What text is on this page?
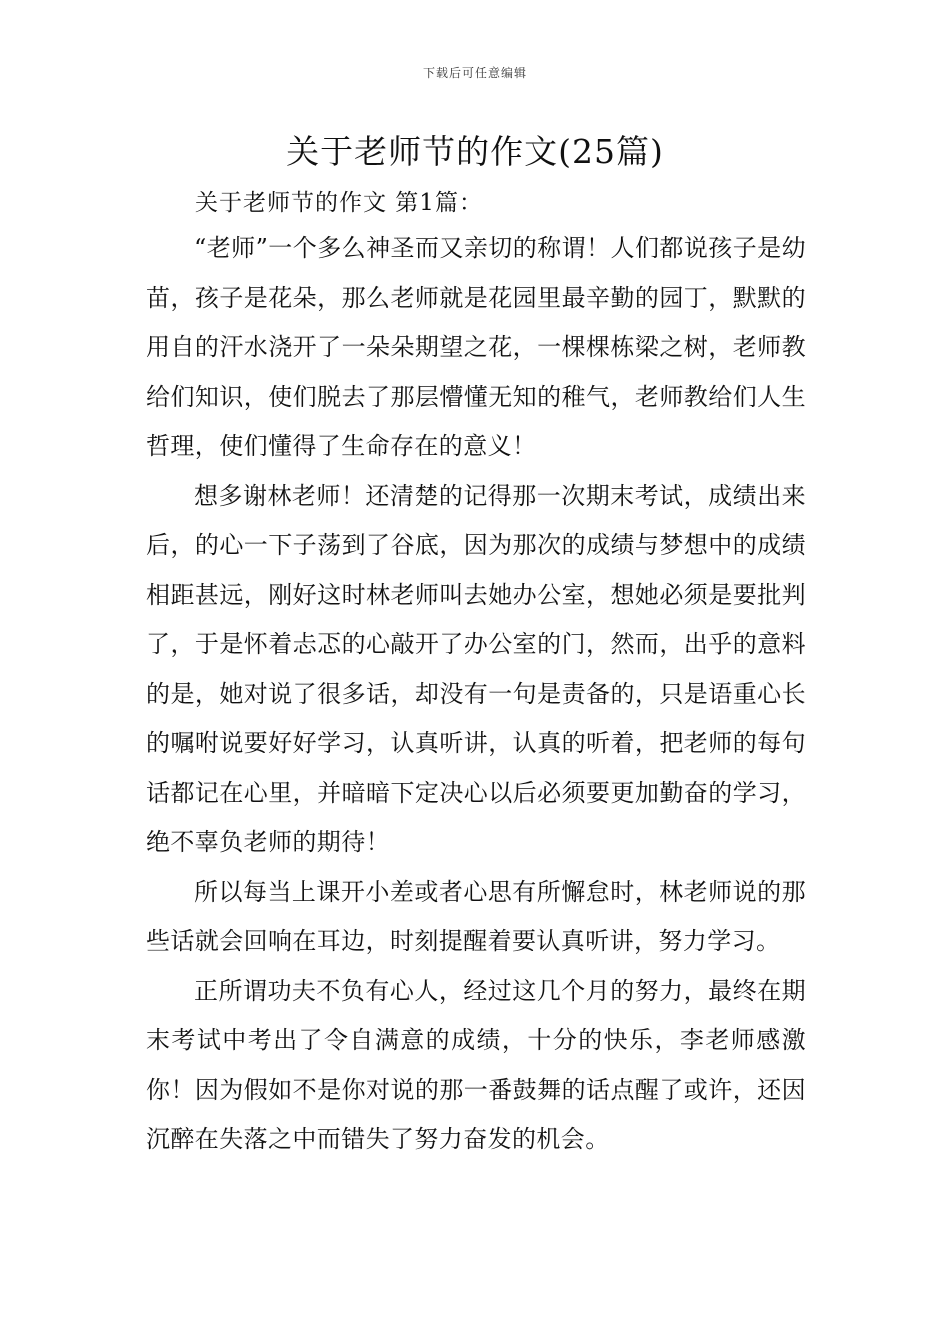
下载后可任意编辑
关于老师节的作文(25篇)
关于老师节的作文 第1篇：

“老师”一个多么神圣而又亲切的称谓！人们都说孩子是幼苗，孩子是花朵，那么老师就是花园里最辛勤的园丁，默默的用自的汗水浇开了一朵朵期望之花，一棵棵栋梁之树，老师教给们知识，使们脱去了那层懵懂无知的稚气，老师教给们人生哲理，使们懂得了生命存在的意义！

想多谢林老师！还清楚的记得那一次期末考试，成绩出来后，的心一下子荡到了谷底，因为那次的成绩与梦想中的成绩相距甚远，刚好这时林老师叫去她办公室，想她必须是要批判了，于是怀着忐忑的心敲开了办公室的门，然而，出乎的意料的是，她对说了很多话，却没有一句是责备的，只是语重心长的嘱咐说要好好学习，认真听讲，认真的听着，把老师的每句话都记在心里，并暗暗下定决心以后必须要更加勤奋的学习，绝不辜负老师的期待！

所以每当上课开小差或者心思有所懈怠时，林老师说的那些话就会回响在耳边，时刻提醒着要认真听讲，努力学习。

正所谓功夫不负有心人，经过这几个月的努力，最终在期末考试中考出了令自满意的成绩，十分的快乐，李老师感激你！因为假如不是你对说的那一番鼓舞的话点醒了或许，还因沉醉在失落之中而错失了努力奋发的机会。
